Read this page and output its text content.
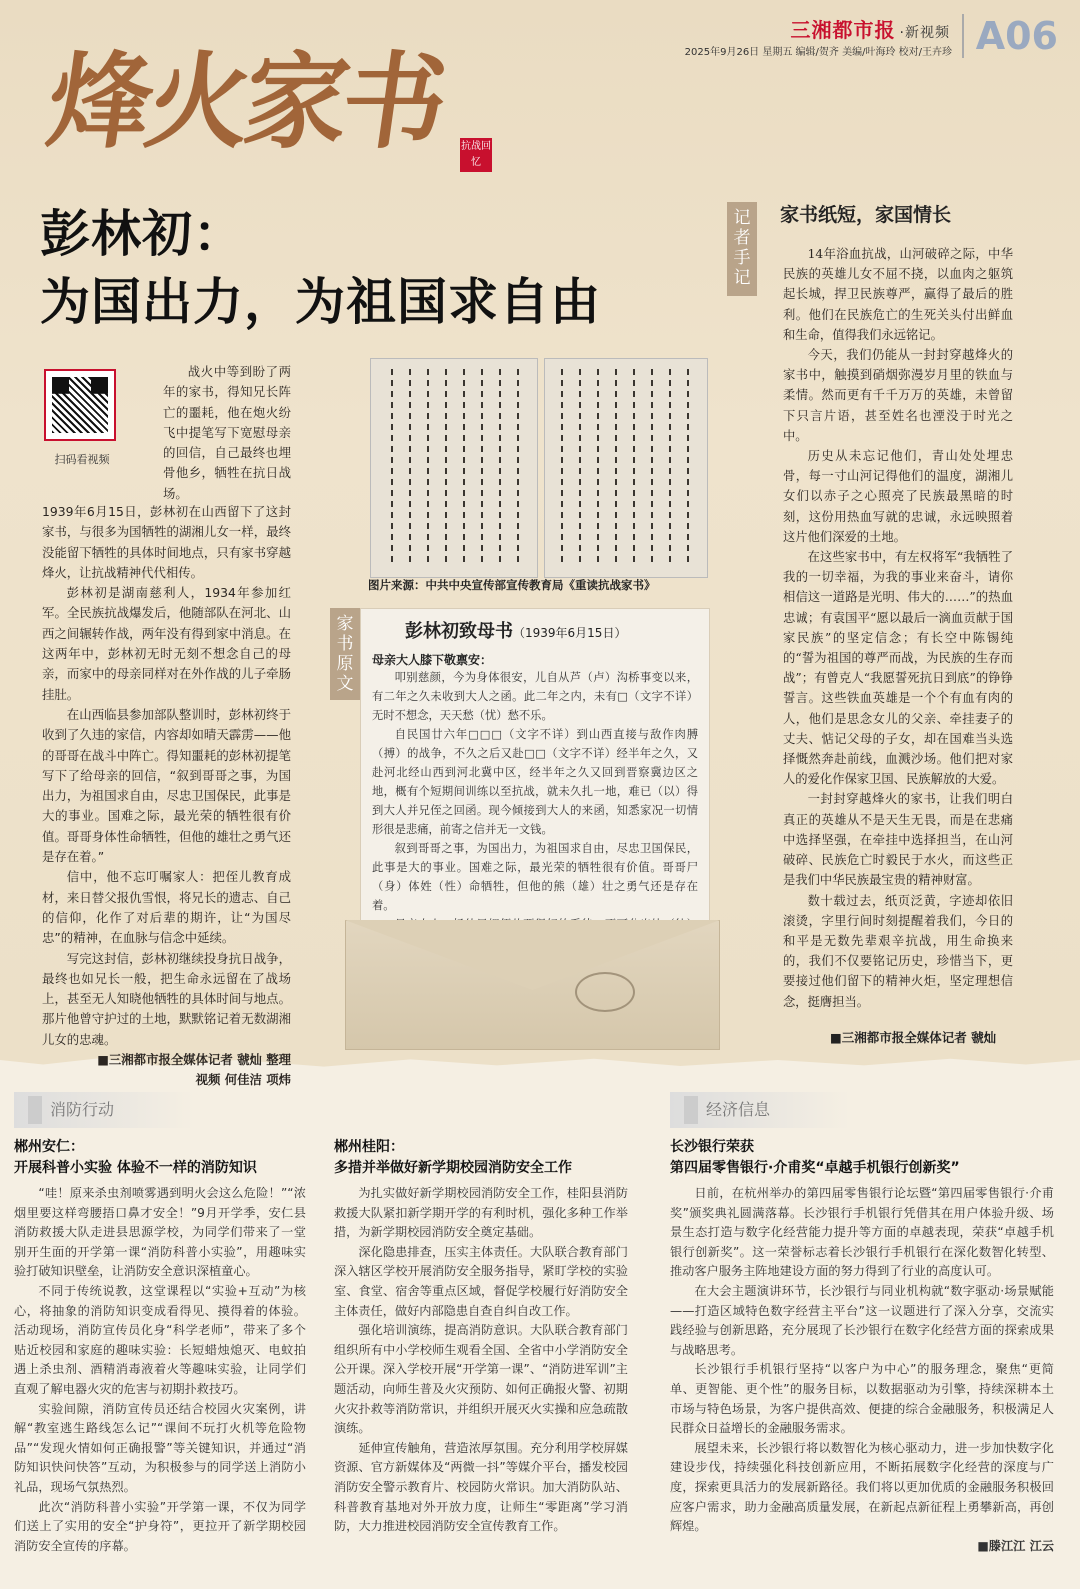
三湘都市报 ·新视频
2025年9月26日 星期五 编辑/贺齐 美编/叶海玲 校对/王卉珍 A06
烽火家书	抗战回忆
彭林初：
为国出力，为祖国求自由
扫码看视频

战火中等到盼了两年的家书，得知兄长阵亡的噩耗，他在炮火纷飞中提笔写下宽慰母亲的回信，自己最终也埋骨他乡，牺牲在抗日战场。

1939年6月15日，彭林初在山西留下了这封家书，与很多为国牺牲的湖湘儿女一样，最终没能留下牺牲的具体时间地点，只有家书穿越烽火，让抗战精神代代相传。

彭林初是湖南慈利人，1934年参加红军。全民族抗战爆发后，他随部队在河北、山西之间辗转作战，两年没有得到家中消息。在这两年中，彭林初无时无刻不想念自己的母亲，而家中的母亲同样对在外作战的儿子牵肠挂肚。

在山西临县参加部队整训时，彭林初终于收到了久违的家信，内容却如晴天霹雳——他的哥哥在战斗中阵亡。得知噩耗的彭林初提笔写下了给母亲的回信，“叙到哥哥之事，为国出力，为祖国求自由，尽忠卫国保民，此事是大的事业。国难之际，最光荣的牺牲很有价值。哥哥身体性命牺牲，但他的雄壮之勇气还是存在着。”

信中，他不忘叮嘱家人：把侄儿教育成材，来日替父报仇雪恨，将兄长的遗志、自己的信仰，化作了对后辈的期许，让“为国尽忠”的精神，在血脉与信念中延续。

写完这封信，彭林初继续投身抗日战争，最终也如兄长一般，把生命永远留在了战场上，甚至无人知晓他牺牲的具体时间与地点。那片他曾守护过的土地，默默铭记着无数湖湘儿女的忠魂。

■三湘都市报全媒体记者 虢灿 整理

视频 何佳洁 项炜

图片来源：中共中央宣传部宣传教育局《重读抗战家书》
家书原文
彭林初致母书（1939年6月15日）
母亲大人膝下敬禀安：

叩别慈颜，今为身体很安，儿自从芦（卢）沟桥事变以来，有二年之久未收到大人之函。此二年之内，未有□（文字不详）无时不想念，天天愁（忧）愁不乐。

自民国廿六年□□□（文字不详）到山西直接与敌作肉膊（搏）的战争，不久之后又赴□□（文字不详）经半年之久，又赴河北经山西到河北冀中区，经半年之久又回到晋察冀边区之地，概有个短期间训练以至抗战，就未久扎一地，难已（以）得到大人并兄侄之回函。现今倾接到大人的来函，知悉家况一切情形很是悲痛，前寄之信并无一文钱。

叙到哥哥之事，为国出力，为祖国求自由，尽忠卫国保民，此事是大的事业。国难之际，最光荣的牺牲很有价值。哥哥尸（身）体姓（性）命牺牲，但他的熊（雄）壮之勇气还是存在着。

记者手记
家书纸短，家国情长

14年浴血抗战，山河破碎之际，中华民族的英雄儿女不屈不挠，以血肉之躯筑起长城，捍卫民族尊严，赢得了最后的胜利。他们在民族危亡的生死关头付出鲜血和生命，值得我们永远铭记。

今天，我们仍能从一封封穿越烽火的家书中，触摸到硝烟弥漫岁月里的铁血与柔情。然而更有千千万万的英雄，未曾留下只言片语，甚至姓名也湮没于时光之中。

历史从未忘记他们，青山处处埋忠骨，每一寸山河记得他们的温度，湖湘儿女们以赤子之心照亮了民族最黑暗的时刻，这份用热血写就的忠诚，永远映照着这片他们深爱的土地。

在这些家书中，有左权将军“我牺牲了我的一切幸福，为我的事业来奋斗，请你相信这一道路是光明、伟大的……”的热血忠诚；有袁国平“愿以最后一滴血贡献于国家民族”的坚定信念；有长空中陈锡纯的“誓为祖国的尊严而战，为民族的生存而战”；有曾克人“我愿誓死抗日到底”的铮铮誓言。这些铁血英雄是一个个有血有肉的人，他们是思念女儿的父亲、牵挂妻子的丈夫、惦记父母的子女，却在国难当头选择慨然奔赴前线，血溅沙场。他们把对家人的爱化作保家卫国、民族解放的大爱。

一封封穿越烽火的家书，让我们明白真正的英雄从不是天生无畏，而是在悲痛中选择坚强，在牵挂中选择担当，在山河破碎、民族危亡时毅民于水火，而这些正是我们中华民族最宝贵的精神财富。

数十载过去，纸页泛黄，字迹却依旧滚烫，字里行间时刻提醒着我们，今日的和平是无数先辈艰辛抗战，用生命换来的，我们不仅要铭记历史，珍惜当下，更要接过他们留下的精神火炬，坚定理想信念，挺膺担当。

■三湘都市报全媒体记者 虢灿
消防行动	经济信息
郴州安仁：
开展科普小实验 体验不一样的消防知识

“哇！原来杀虫剂喷雾遇到明火会这么危险！”“浓烟里要这样弯腰捂口鼻才安全！”9月开学季，安仁县消防救援大队走进县思源学校，为同学们带来了一堂别开生面的开学第一课“消防科普小实验”，用趣味实验打破知识壁垒，让消防安全意识深植童心。

不同于传统说教，这堂课程以“实验+互动”为核心，将抽象的消防知识变成看得见、摸得着的体验。活动现场，消防宣传员化身“科学老师”，带来了多个贴近校园和家庭的趣味实验：长短蜡烛熄灭、电蚊拍遇上杀虫剂、酒精消毒液着火等趣味实验，让同学们直观了解电器火灾的危害与初期扑救技巧。

实验间隙，消防宣传员还结合校园火灾案例，讲解“教室逃生路线怎么记”“课间不玩打火机等危险物品”“发现火情如何正确报警”等关键知识，并通过“消防知识快问快答”互动，为积极参与的同学送上消防小礼品，现场气氛热烈。

此次“消防科普小实验”开学第一课，不仅为同学们送上了实用的安全“护身符”，更拉开了新学期校园消防安全宣传的序幕。

郴州桂阳：
多措并举做好新学期校园消防安全工作

为扎实做好新学期校园消防安全工作，桂阳县消防救援大队紧扣新学期开学的有利时机，强化多种工作举措，为新学期校园消防安全奠定基础。

深化隐患排查，压实主体责任。大队联合教育部门深入辖区学校开展消防安全服务指导，紧盯学校的实验室、食堂、宿舍等重点区域，督促学校履行好消防安全主体责任，做好内部隐患自查自纠自改工作。

强化培训演练，提高消防意识。大队联合教育部门组织所有中小学校师生观看全国、全省中小学消防安全公开课。深入学校开展“开学第一课”、“消防进军训”主题活动，向师生普及火灾预防、如何正确报火警、初期火灾扑救等消防常识，并组织开展灭火实操和应急疏散演练。

延伸宣传触角，营造浓厚氛围。充分利用学校屏媒资源、官方新媒体及“两微一抖”等媒介平台，播发校园消防安全警示教育片、校园防火常识。加大消防队站、科普教育基地对外开放力度，让师生“零距离”学习消防，大力推进校园消防安全宣传教育工作。

长沙银行荣获
第四届零售银行·介甫奖“卓越手机银行创新奖”

日前，在杭州举办的第四届零售银行论坛暨“第四届零售银行·介甫奖”颁奖典礼圆满落幕。长沙银行手机银行凭借其在用户体验升级、场景生态打造与数字化经营能力提升等方面的卓越表现，荣获“卓越手机银行创新奖”。这一荣誉标志着长沙银行手机银行在深化数智化转型、推动客户服务主阵地建设方面的努力得到了行业的高度认可。

在大会主题演讲环节，长沙银行与同业机构就“数字驱动·场景赋能——打造区域特色数字经营主平台”这一议题进行了深入分享，交流实践经验与创新思路，充分展现了长沙银行在数字化经营方面的探索成果与战略思考。

长沙银行手机银行坚持“以客户为中心”的服务理念，聚焦“更简单、更智能、更个性”的服务目标，以数据驱动为引擎，持续深耕本土市场与特色场景，为客户提供高效、便捷的综合金融服务，积极满足人民群众日益增长的金融服务需求。

展望未来，长沙银行将以数智化为核心驱动力，进一步加快数字化建设步伐，持续强化科技创新应用，不断拓展数字化经营的深度与广度，探索更具活力的发展新路径。我们将以更加优质的金融服务积极回应客户需求，助力金融高质量发展，在新起点新征程上勇攀新高，再创辉煌。

■滕江江 江云
